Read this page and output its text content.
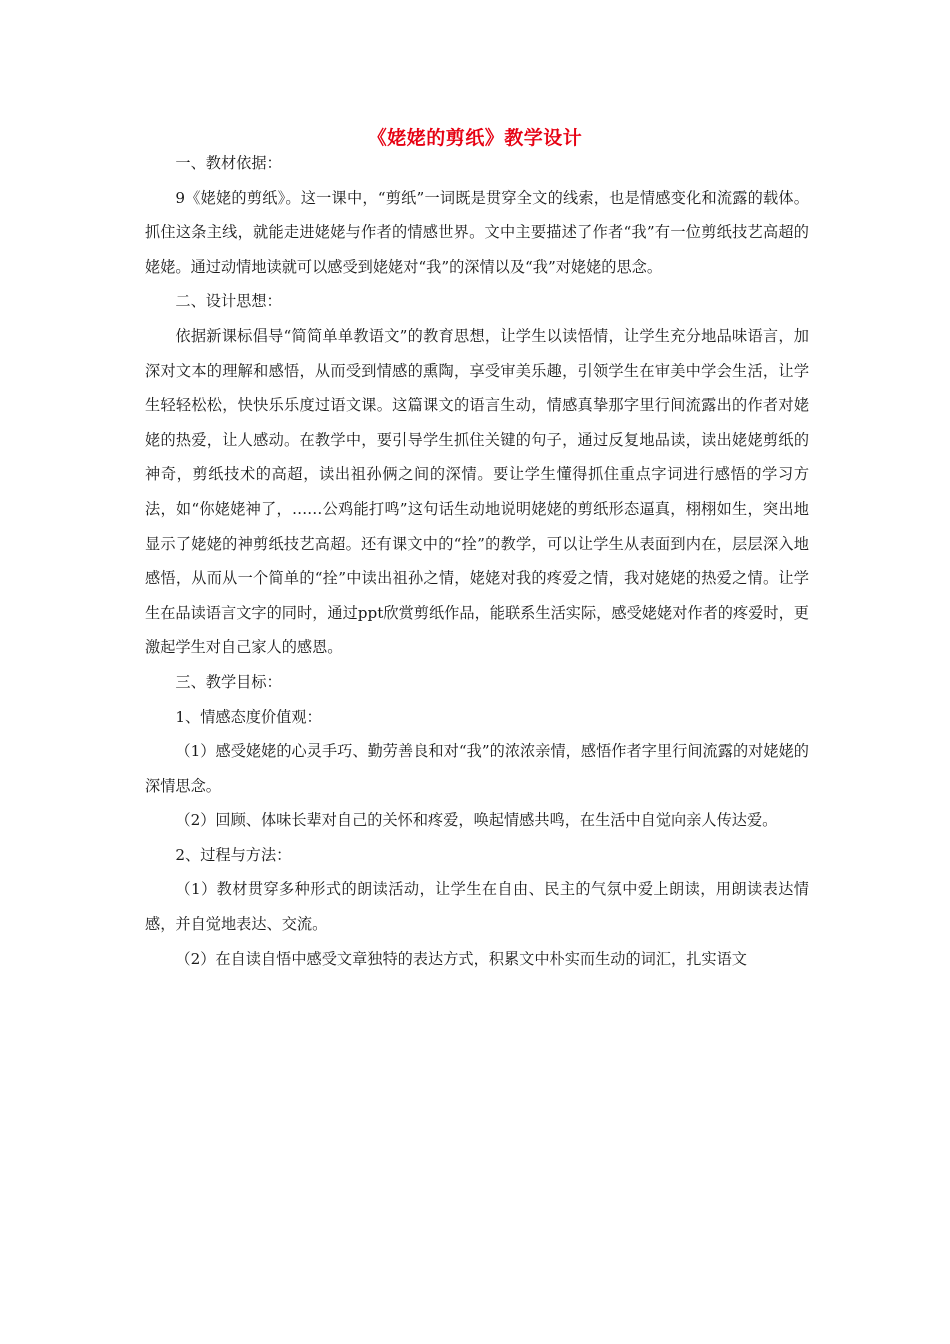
《姥姥的剪纸》教学设计

一、教材依据：

9《姥姥的剪纸》。这一课中，“剪纸”一词既是贯穿全文的线索，也是情感变化和流露的载体。抓住这条主线，就能走进姥姥与作者的情感世界。文中主要描述了作者“我”有一位剪纸技艺高超的姥姥。通过动情地读就可以感受到姥姥对“我”的深情以及“我”对姥姥的思念。

二、设计思想：

依据新课标倡导“简简单单教语文”的教育思想，让学生以读悟情，让学生充分地品味语言，加深对文本的理解和感悟，从而受到情感的熏陶，享受审美乐趣，引领学生在审美中学会生活，让学生轻轻松松，快快乐乐度过语文课。这篇课文的语言生动，情感真挚那字里行间流露出的作者对姥姥的热爱，让人感动。在教学中，要引导学生抓住关键的句子，通过反复地品读，读出姥姥剪纸的神奇，剪纸技术的高超，读出祖孙俩之间的深情。要让学生懂得抓住重点字词进行感悟的学习方法，如“你姥姥神了，……公鸡能打鸣”这句话生动地说明姥姥的剪纸形态逼真，栩栩如生，突出地显示了姥姥的神剪纸技艺高超。还有课文中的“拴”的教学，可以让学生从表面到内在，层层深入地感悟，从而从一个简单的“拴”中读出祖孙之情，姥姥对我的疼爱之情，我对姥姥的热爱之情。让学生在品读语言文字的同时，通过ppt欣赏剪纸作品，能联系生活实际，感受姥姥对作者的疼爱时，更激起学生对自己家人的感恩。

三、教学目标：

1、情感态度价值观：

（1）感受姥姥的心灵手巧、勤劳善良和对“我”的浓浓亲情，感悟作者字里行间流露的对姥姥的深情思念。

（2）回顾、体味长辈对自己的关怀和疼爱，唤起情感共鸣，在生活中自觉向亲人传达爱。

2、过程与方法：

（1）教材贯穿多种形式的朗读活动，让学生在自由、民主的气氛中爱上朗读，用朗读表达情感，并自觉地表达、交流。

（2）在自读自悟中感受文章独特的表达方式，积累文中朴实而生动的词汇，扎实语文
